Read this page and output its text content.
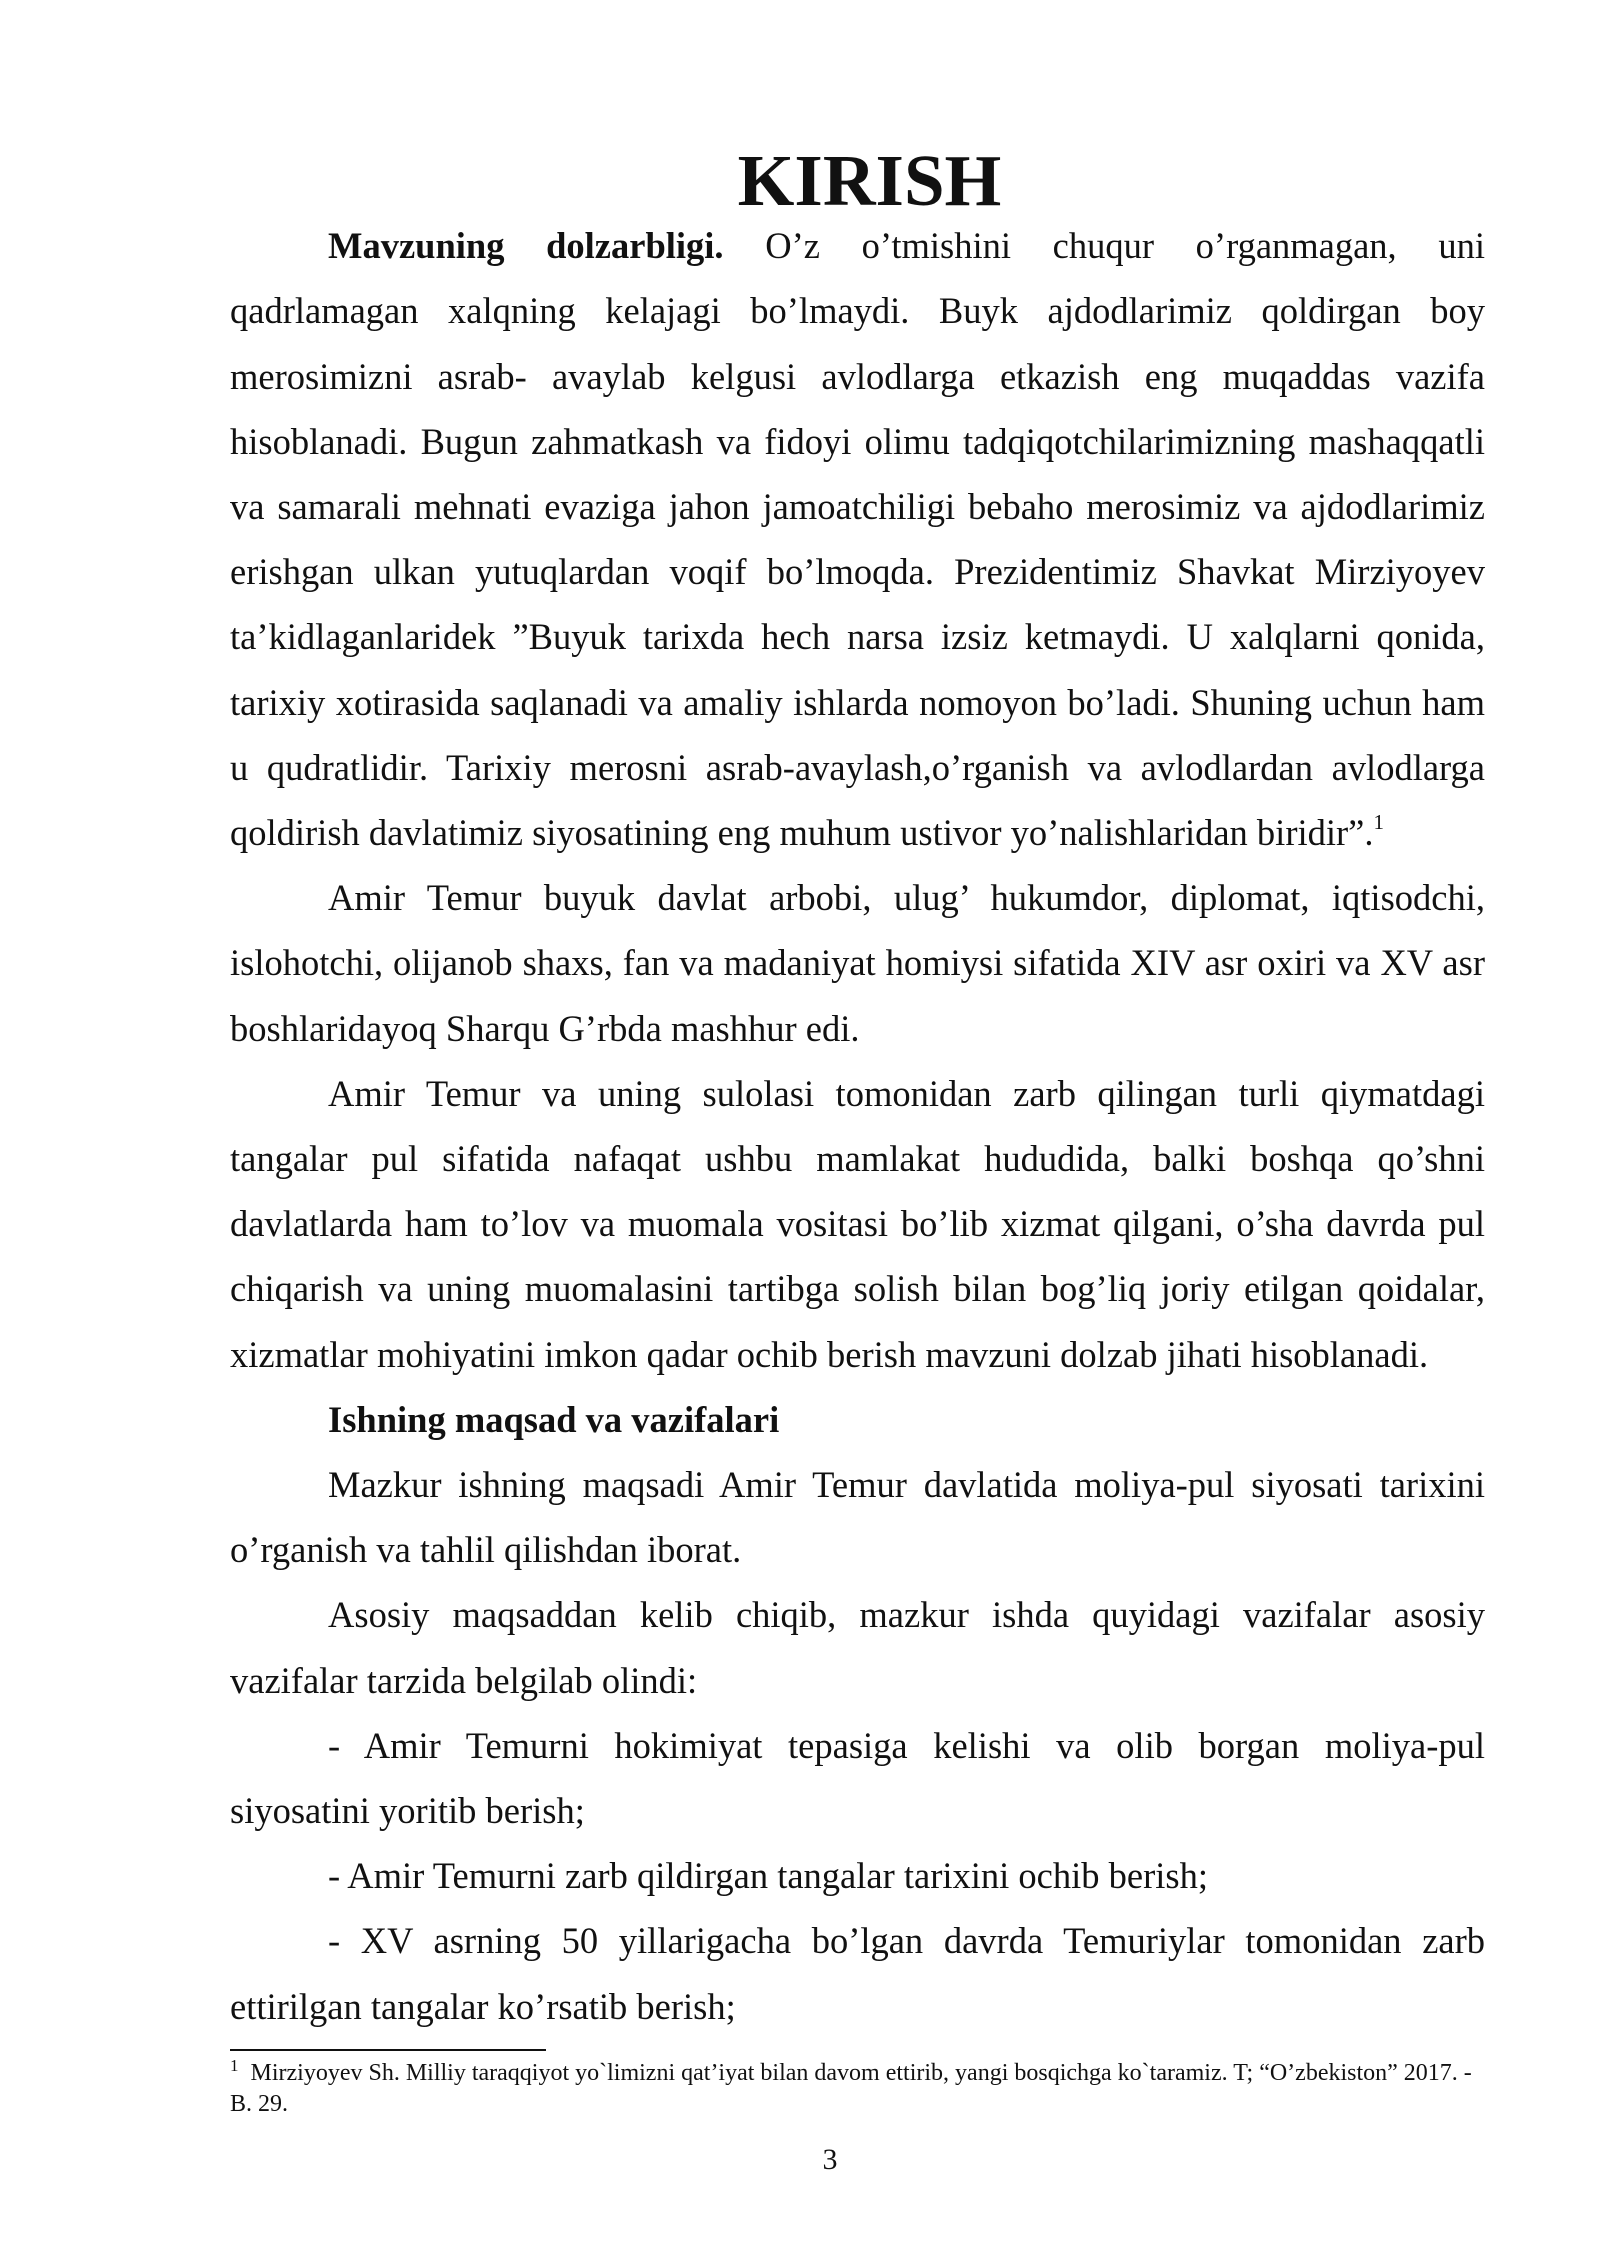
KIRISH

Mavzuning dolzarbligi. O’z o’tmishini chuqur o’rganmagan, uni qadrlamagan xalqning kelajagi bo’lmaydi. Buyk ajdodlarimiz qoldirgan boy merosimizni asrab- avaylab kelgusi avlodlarga etkazish eng muqaddas vazifa hisoblanadi. Bugun zahmatkash va fidoyi olimu tadqiqotchilarimizning mashaqqatli va samarali mehnati evaziga jahon jamoatchiligi bebaho merosimiz va ajdodlarimiz erishgan ulkan yutuqlardan voqif bo’lmoqda. Prezidentimiz Shavkat Mirziyoyev ta’kidlaganlaridek ”Buyuk tarixda hech narsa izsiz ketmaydi. U xalqlarni qonida, tarixiy xotirasida saqlanadi va amaliy ishlarda nomoyon bo’ladi. Shuning uchun ham u qudratlidir. Tarixiy merosni asrab-avaylash,o’rganish va avlodlardan avlodlarga qoldirish davlatimiz siyosatining eng muhum ustivor yo’nalishlaridan biridir”.$^1$

Amir Temur buyuk davlat arbobi, ulug’ hukumdor, diplomat, iqtisodchi, islohotchi, olijanob shaxs, fan va madaniyat homiysi sifatida XIV asr oxiri va XV asr boshlaridayoq Sharqu G’rbda mashhur edi.

Amir Temur va uning sulolasi tomonidan zarb qilingan turli qiymatdagi tangalar pul sifatida nafaqat ushbu mamlakat hududida, balki boshqa qo’shni davlatlarda ham to’lov va muomala vositasi bo’lib xizmat qilgani, o’sha davrda pul chiqarish va uning muomalasini tartibga solish bilan bog’liq joriy etilgan qoidalar, xizmatlar mohiyatini imkon qadar ochib berish mavzuni dolzab jihati hisoblanadi.

Ishning maqsad va vazifalari

Mazkur ishning maqsadi Amir Temur davlatida moliya-pul siyosati tarixini o’rganish va tahlil qilishdan iborat.

Asosiy maqsaddan kelib chiqib, mazkur ishda quyidagi vazifalar asosiy vazifalar tarzida belgilab olindi:

- Amir Temurni hokimiyat tepasiga kelishi va olib borgan moliya-pul siyosatini yoritib berish;

- Amir Temurni zarb qildirgan tangalar tarixini ochib berish;

- XV asrning 50 yillarigacha bo’lgan davrda Temuriylar tomonidan zarb ettirilgan tangalar ko’rsatib berish;

$^1$ Mirziyoyev Sh. Milliy taraqqiyot yo`limizni qat’iyat bilan davom ettirib, yangi bosqichga ko`taramiz. T; “O’zbekiston” 2017. -B. 29.
3
